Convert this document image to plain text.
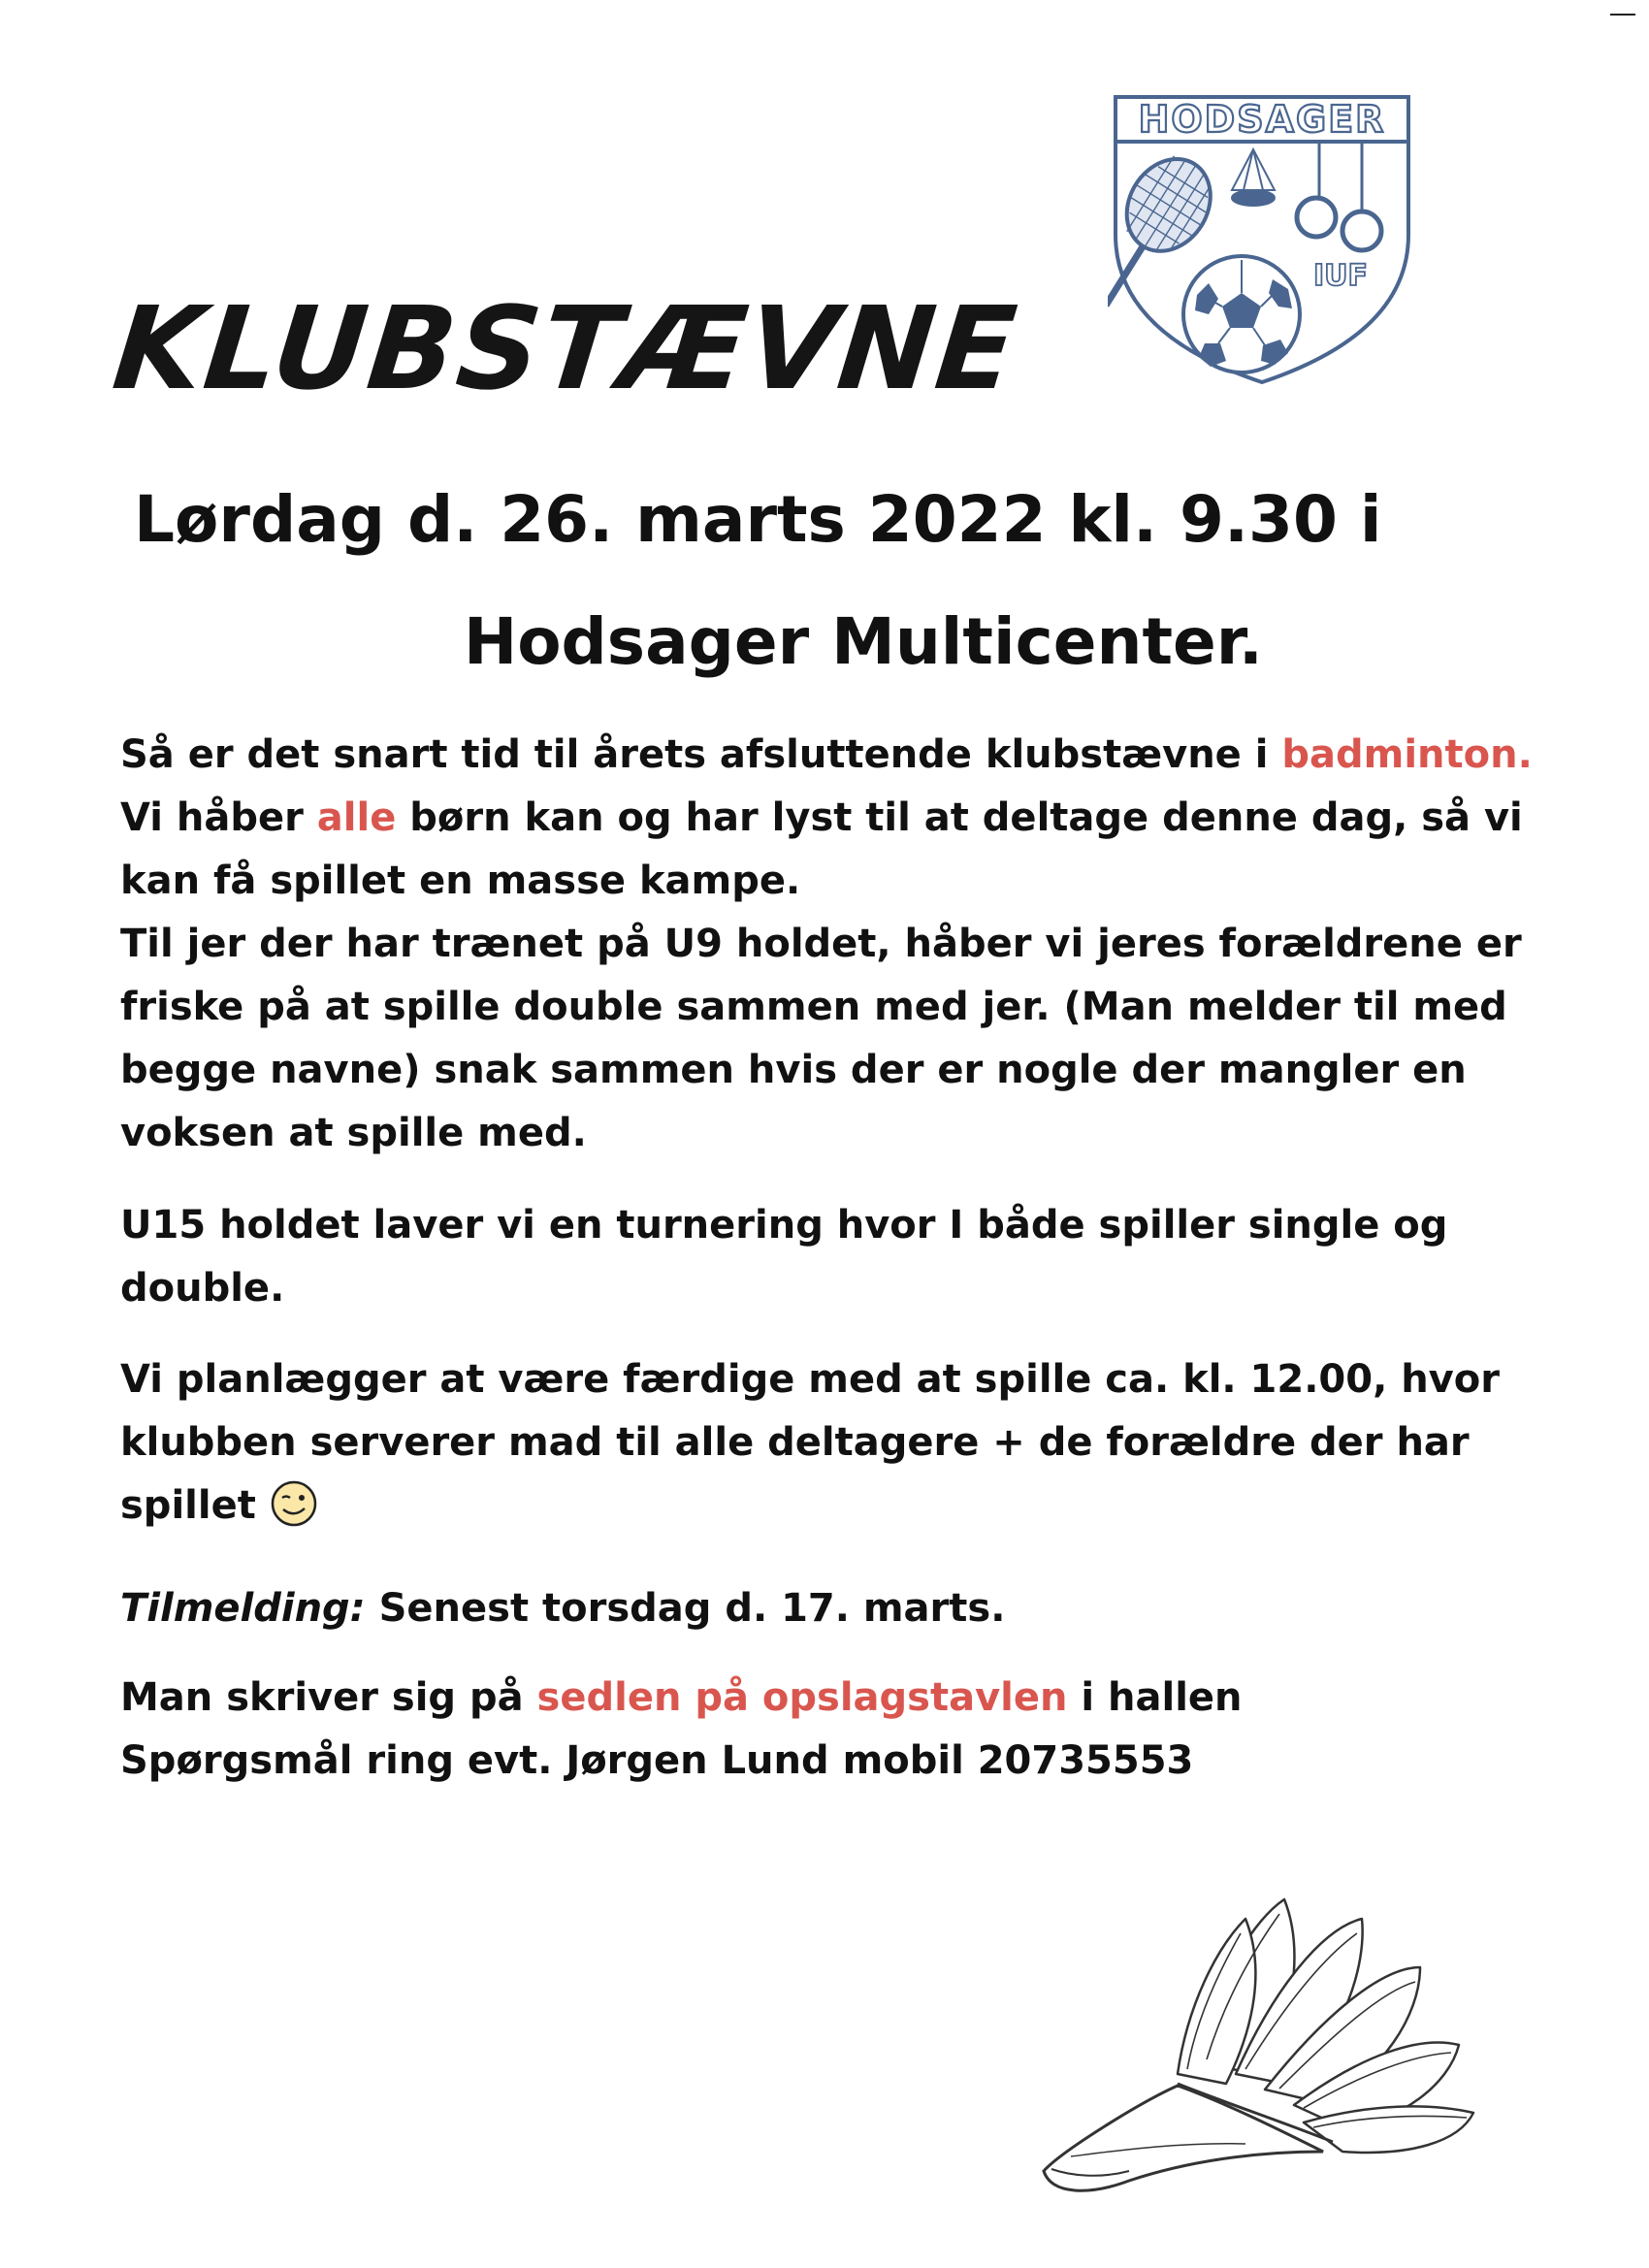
HODSAGER
IUF
KLUBSTÆVNE

Lørdag d. 26. marts 2022 kl. 9.30 i

Hodsager Multicenter.

Så er det snart tid til årets afsluttende klubstævne i badminton.
Vi håber alle børn kan og har lyst til at deltage denne dag, så vi
kan få spillet en masse kampe.
Til jer der har trænet på U9 holdet, håber vi jeres forældrene er
friske på at spille double sammen med jer. (Man melder til med
begge navne) snak sammen hvis der er nogle der mangler en
voksen at spille med.

U15 holdet laver vi en turnering hvor I både spiller single og
double.

Vi planlægger at være færdige med at spille ca. kl. 12.00, hvor
klubben serverer mad til alle deltagere + de forældre der har
spillet

Tilmelding: Senest torsdag d. 17. marts.

Man skriver sig på sedlen på opslagstavlen i hallen
Spørgsmål ring evt. Jørgen Lund mobil 20735553
